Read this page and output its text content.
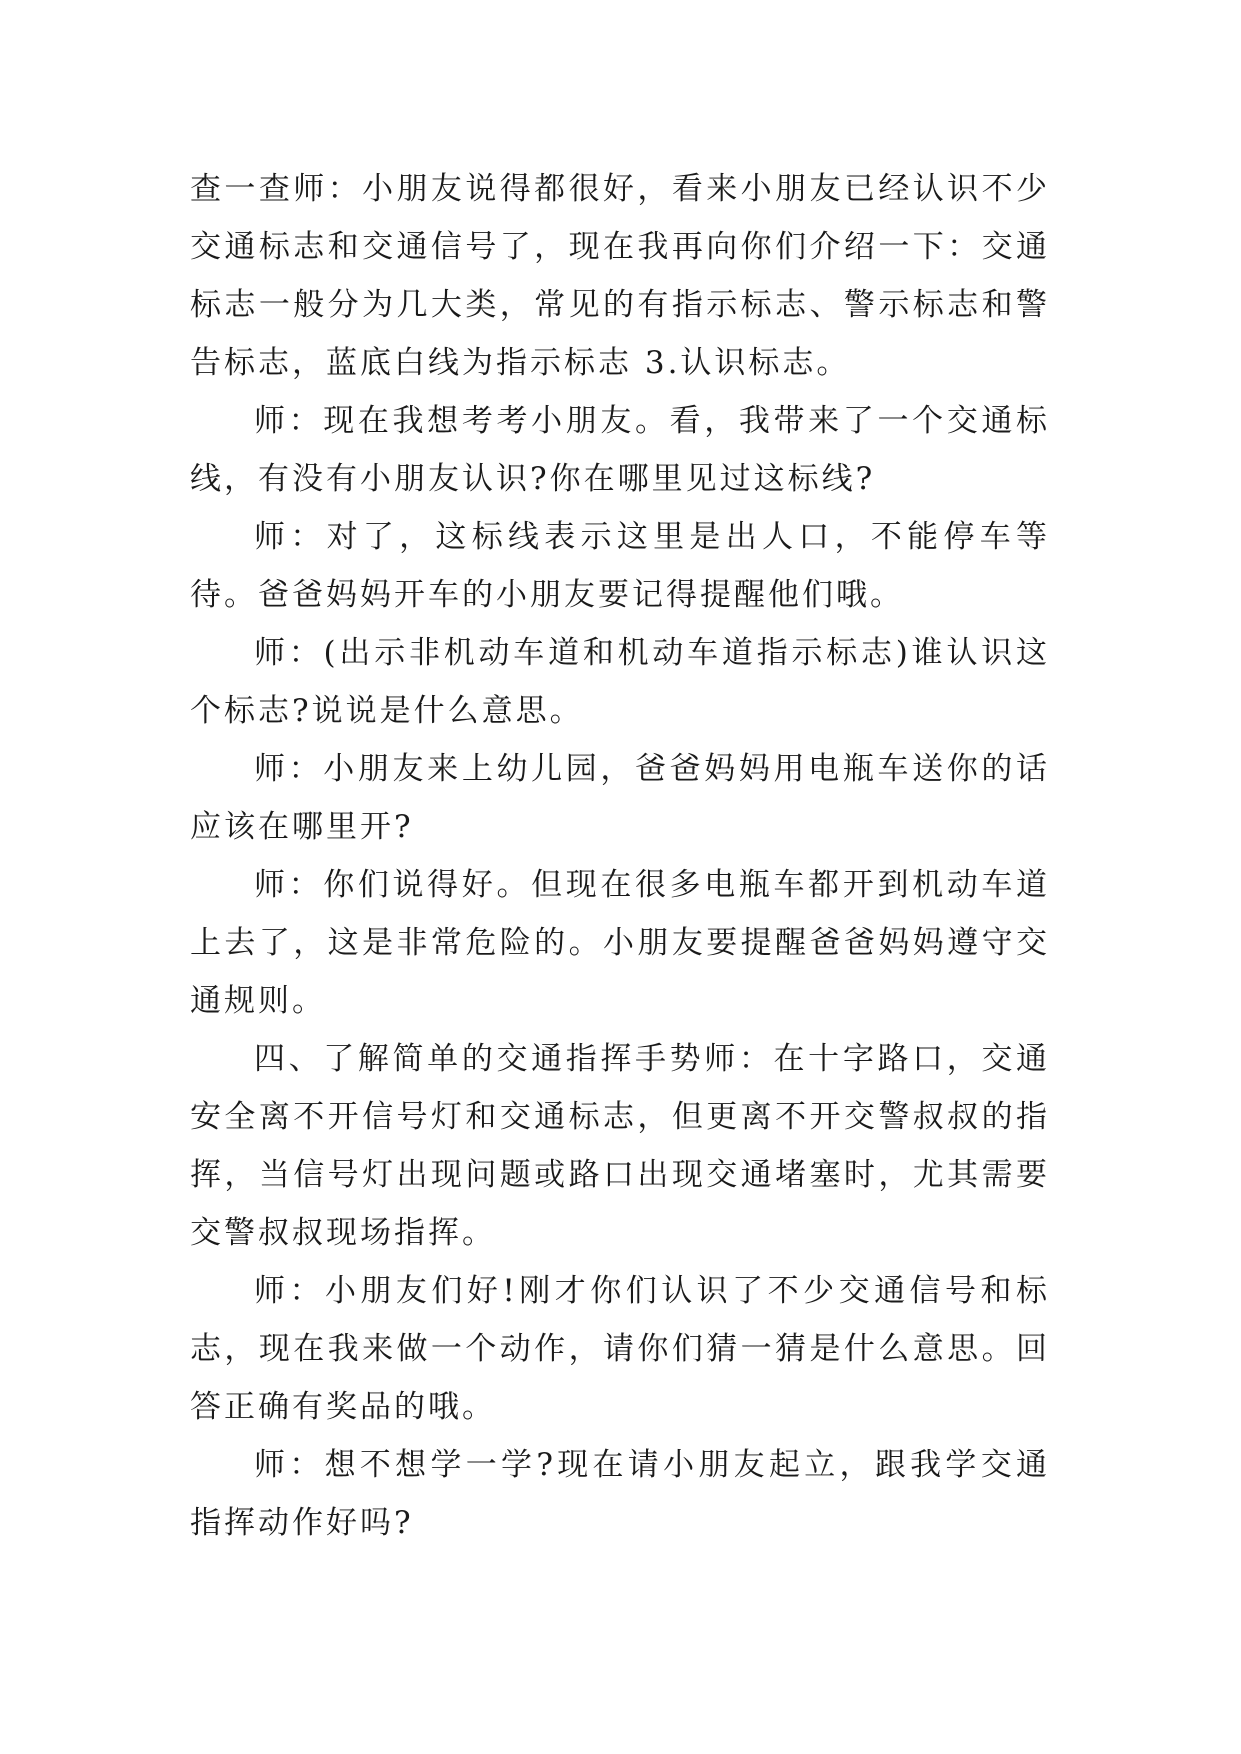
查一查师：小朋友说得都很好，看来小朋友已经认识不少交通标志和交通信号了，现在我再向你们介绍一下：交通标志一般分为几大类，常见的有指示标志、警示标志和警告标志，蓝底白线为指示标志 3.认识标志。

师：现在我想考考小朋友。看，我带来了一个交通标线，有没有小朋友认识?你在哪里见过这标线?

师：对了，这标线表示这里是出人口，不能停车等待。爸爸妈妈开车的小朋友要记得提醒他们哦。

师：(出示非机动车道和机动车道指示标志)谁认识这个标志?说说是什么意思。

师：小朋友来上幼儿园，爸爸妈妈用电瓶车送你的话应该在哪里开?

师：你们说得好。但现在很多电瓶车都开到机动车道上去了，这是非常危险的。小朋友要提醒爸爸妈妈遵守交通规则。

四、了解简单的交通指挥手势师：在十字路口，交通安全离不开信号灯和交通标志，但更离不开交警叔叔的指挥，当信号灯出现问题或路口出现交通堵塞时，尤其需要交警叔叔现场指挥。

师：小朋友们好!刚才你们认识了不少交通信号和标志，现在我来做一个动作，请你们猜一猜是什么意思。回答正确有奖品的哦。

师：想不想学一学?现在请小朋友起立，跟我学交通指挥动作好吗?
